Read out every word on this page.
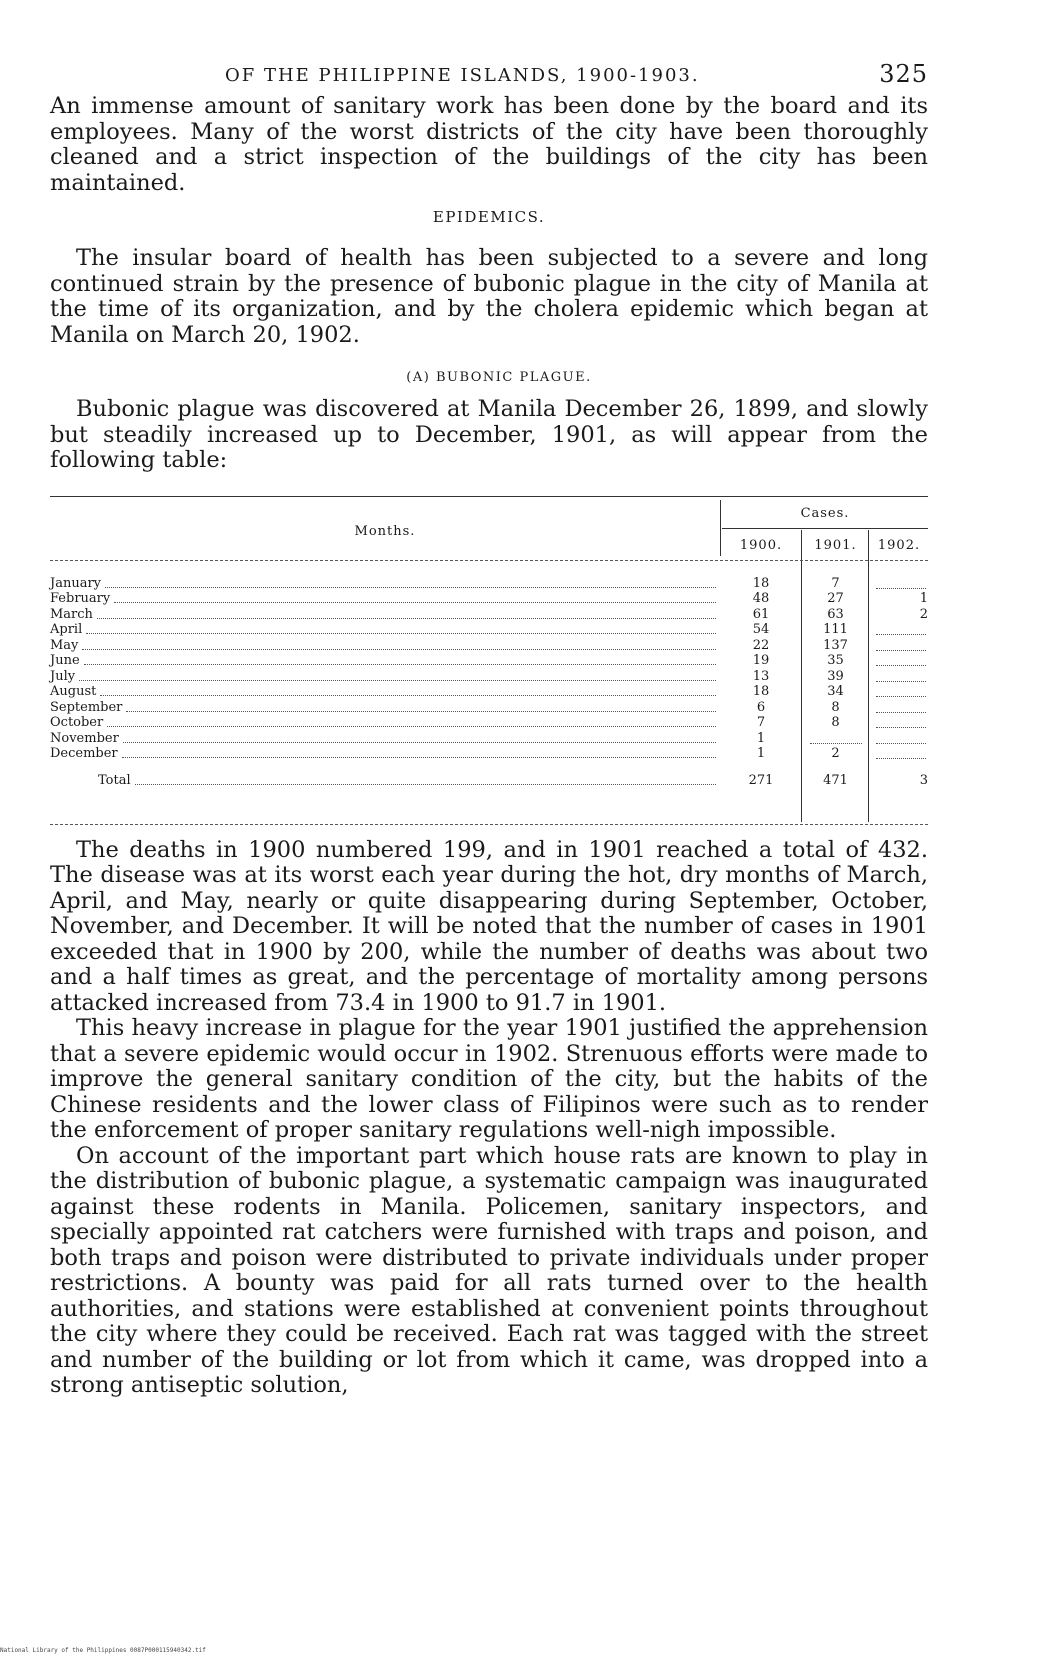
OF THE PHILIPPINE ISLANDS, 1900-1903.	325

An immense amount of sanitary work has been done by the board and its employees. Many of the worst districts of the city have been thoroughly cleaned and a strict inspection of the buildings of the city has been maintained.

EPIDEMICS.

The insular board of health has been subjected to a severe and long continued strain by the presence of bubonic plague in the city of Manila at the time of its organization, and by the cholera epidemic which began at Manila on March 20, 1902.

(A) BUBONIC PLAGUE.

Bubonic plague was discovered at Manila December 26, 1899, and slowly but steadily increased up to December, 1901, as will appear from the following table:

Months.
Cases.
1900.	1901.	1902.
January	18	7
February	48	27	1
March	61	63	2
April	54	111
May	22	137
June	19	35
July	13	39
August	18	34
September	6	8
October	7	8
November	1
December	1	2
Total	271	471	3

The deaths in 1900 numbered 199, and in 1901 reached a total of 432. The disease was at its worst each year during the hot, dry months of March, April, and May, nearly or quite disappearing during September, October, November, and December. It will be noted that the number of cases in 1901 exceeded that in 1900 by 200, while the number of deaths was about two and a half times as great, and the percentage of mortality among persons attacked increased from 73.4 in 1900 to 91.7 in 1901.

This heavy increase in plague for the year 1901 justified the apprehension that a severe epidemic would occur in 1902. Strenuous efforts were made to improve the general sanitary condition of the city, but the habits of the Chinese residents and the lower class of Filipinos were such as to render the enforcement of proper sanitary regulations well-nigh impossible.

On account of the important part which house rats are known to play in the distribution of bubonic plague, a systematic campaign was inaugurated against these rodents in Manila. Policemen, sanitary inspectors, and specially appointed rat catchers were furnished with traps and poison, and both traps and poison were distributed to private individuals under proper restrictions. A bounty was paid for all rats turned over to the health authorities, and stations were established at convenient points throughout the city where they could be received. Each rat was tagged with the street and number of the building or lot from which it came, was dropped into a strong antiseptic solution,

National Library of the Philippines 0087P000115940342.tif
